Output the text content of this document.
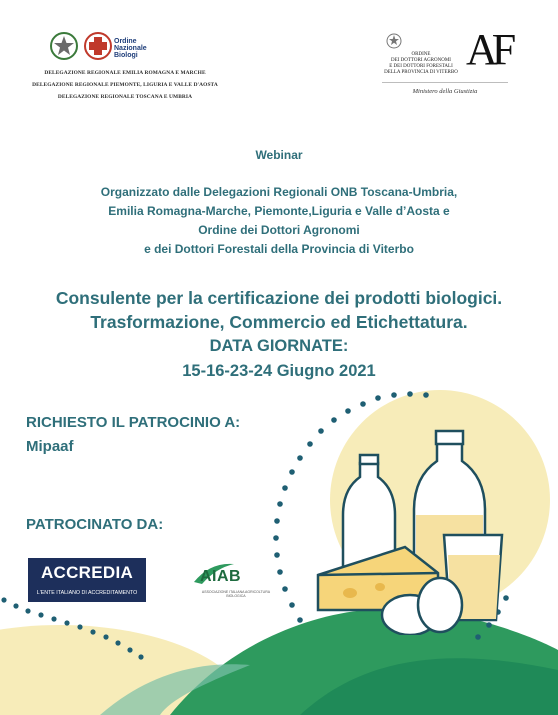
Ordine
Nazionale
Biologi
DELEGAZIONE REGIONALE EMILIA ROMAGNA E MARCHE
DELEGAZIONE REGIONALE PIEMONTE, LIGURIA E VALLE D'AOSTA
DELEGAZIONE REGIONALE TOSCANA E UMBRIA
ORDINE
DEI DOTTORI AGRONOMI
E DEI DOTTORI FORESTALI
DELLA PROVINCIA DI VITERBO AF
Ministero della Giustizia
Webinar
Organizzato dalle Delegazioni Regionali ONB Toscana-Umbria,
Emilia Romagna-Marche, Piemonte,Liguria e Valle d’Aosta e
Ordine dei Dottori Agronomi
e dei Dottori Forestali della Provincia di Viterbo
Consulente per la certificazione dei prodotti biologici.
Trasformazione, Commercio ed Etichettatura.
DATA GIORNATE:
15-16-23-24 Giugno 2021
RICHIESTO IL PATROCINIO A:
Mipaaf
PATROCINATO DA:
ACCREDIA
L'ENTE ITALIANO DI ACCREDITAMENTO
AIAB
ASSOCIAZIONE ITALIANA AGRICOLTURA BIOLOGICA
